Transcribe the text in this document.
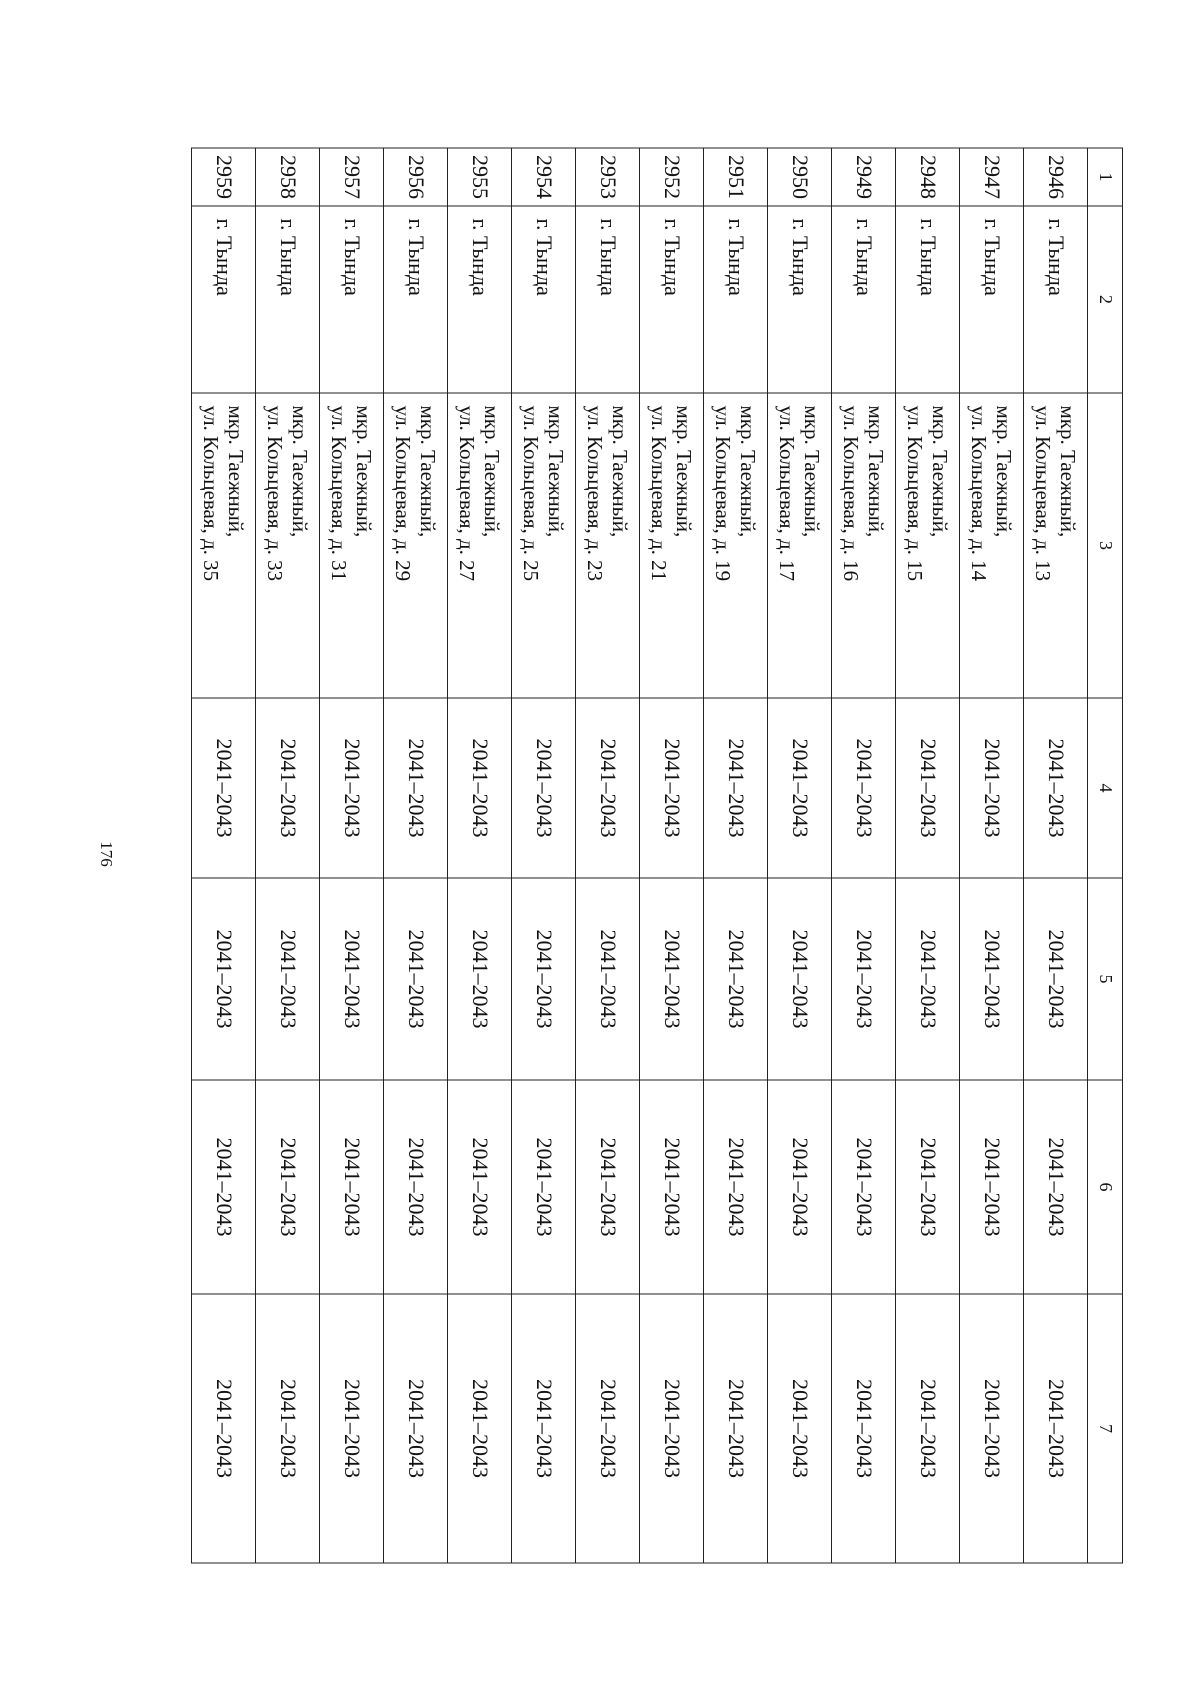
176

1	2	3	4	5	6	7
2946	г. Тында	мкр. Таежный,
ул. Кольцевая, д. 13	2041–2043	2041–2043	2041–2043	2041–2043
2947	г. Тында	мкр. Таежный,
ул. Кольцевая, д. 14	2041–2043	2041–2043	2041–2043	2041–2043
2948	г. Тында	мкр. Таежный,
ул. Кольцевая, д. 15	2041–2043	2041–2043	2041–2043	2041–2043
2949	г. Тында	мкр. Таежный,
ул. Кольцевая, д. 16	2041–2043	2041–2043	2041–2043	2041–2043
2950	г. Тында	мкр. Таежный,
ул. Кольцевая, д. 17	2041–2043	2041–2043	2041–2043	2041–2043
2951	г. Тында	мкр. Таежный,
ул. Кольцевая, д. 19	2041–2043	2041–2043	2041–2043	2041–2043
2952	г. Тында	мкр. Таежный,
ул. Кольцевая, д. 21	2041–2043	2041–2043	2041–2043	2041–2043
2953	г. Тында	мкр. Таежный,
ул. Кольцевая, д. 23	2041–2043	2041–2043	2041–2043	2041–2043
2954	г. Тында	мкр. Таежный,
ул. Кольцевая, д. 25	2041–2043	2041–2043	2041–2043	2041–2043
2955	г. Тында	мкр. Таежный,
ул. Кольцевая, д. 27	2041–2043	2041–2043	2041–2043	2041–2043
2956	г. Тында	мкр. Таежный,
ул. Кольцевая, д. 29	2041–2043	2041–2043	2041–2043	2041–2043
2957	г. Тында	мкр. Таежный,
ул. Кольцевая, д. 31	2041–2043	2041–2043	2041–2043	2041–2043
2958	г. Тында	мкр. Таежный,
ул. Кольцевая, д. 33	2041–2043	2041–2043	2041–2043	2041–2043
2959	г. Тында	мкр. Таежный,
ул. Кольцевая, д. 35	2041–2043	2041–2043	2041–2043	2041–2043
